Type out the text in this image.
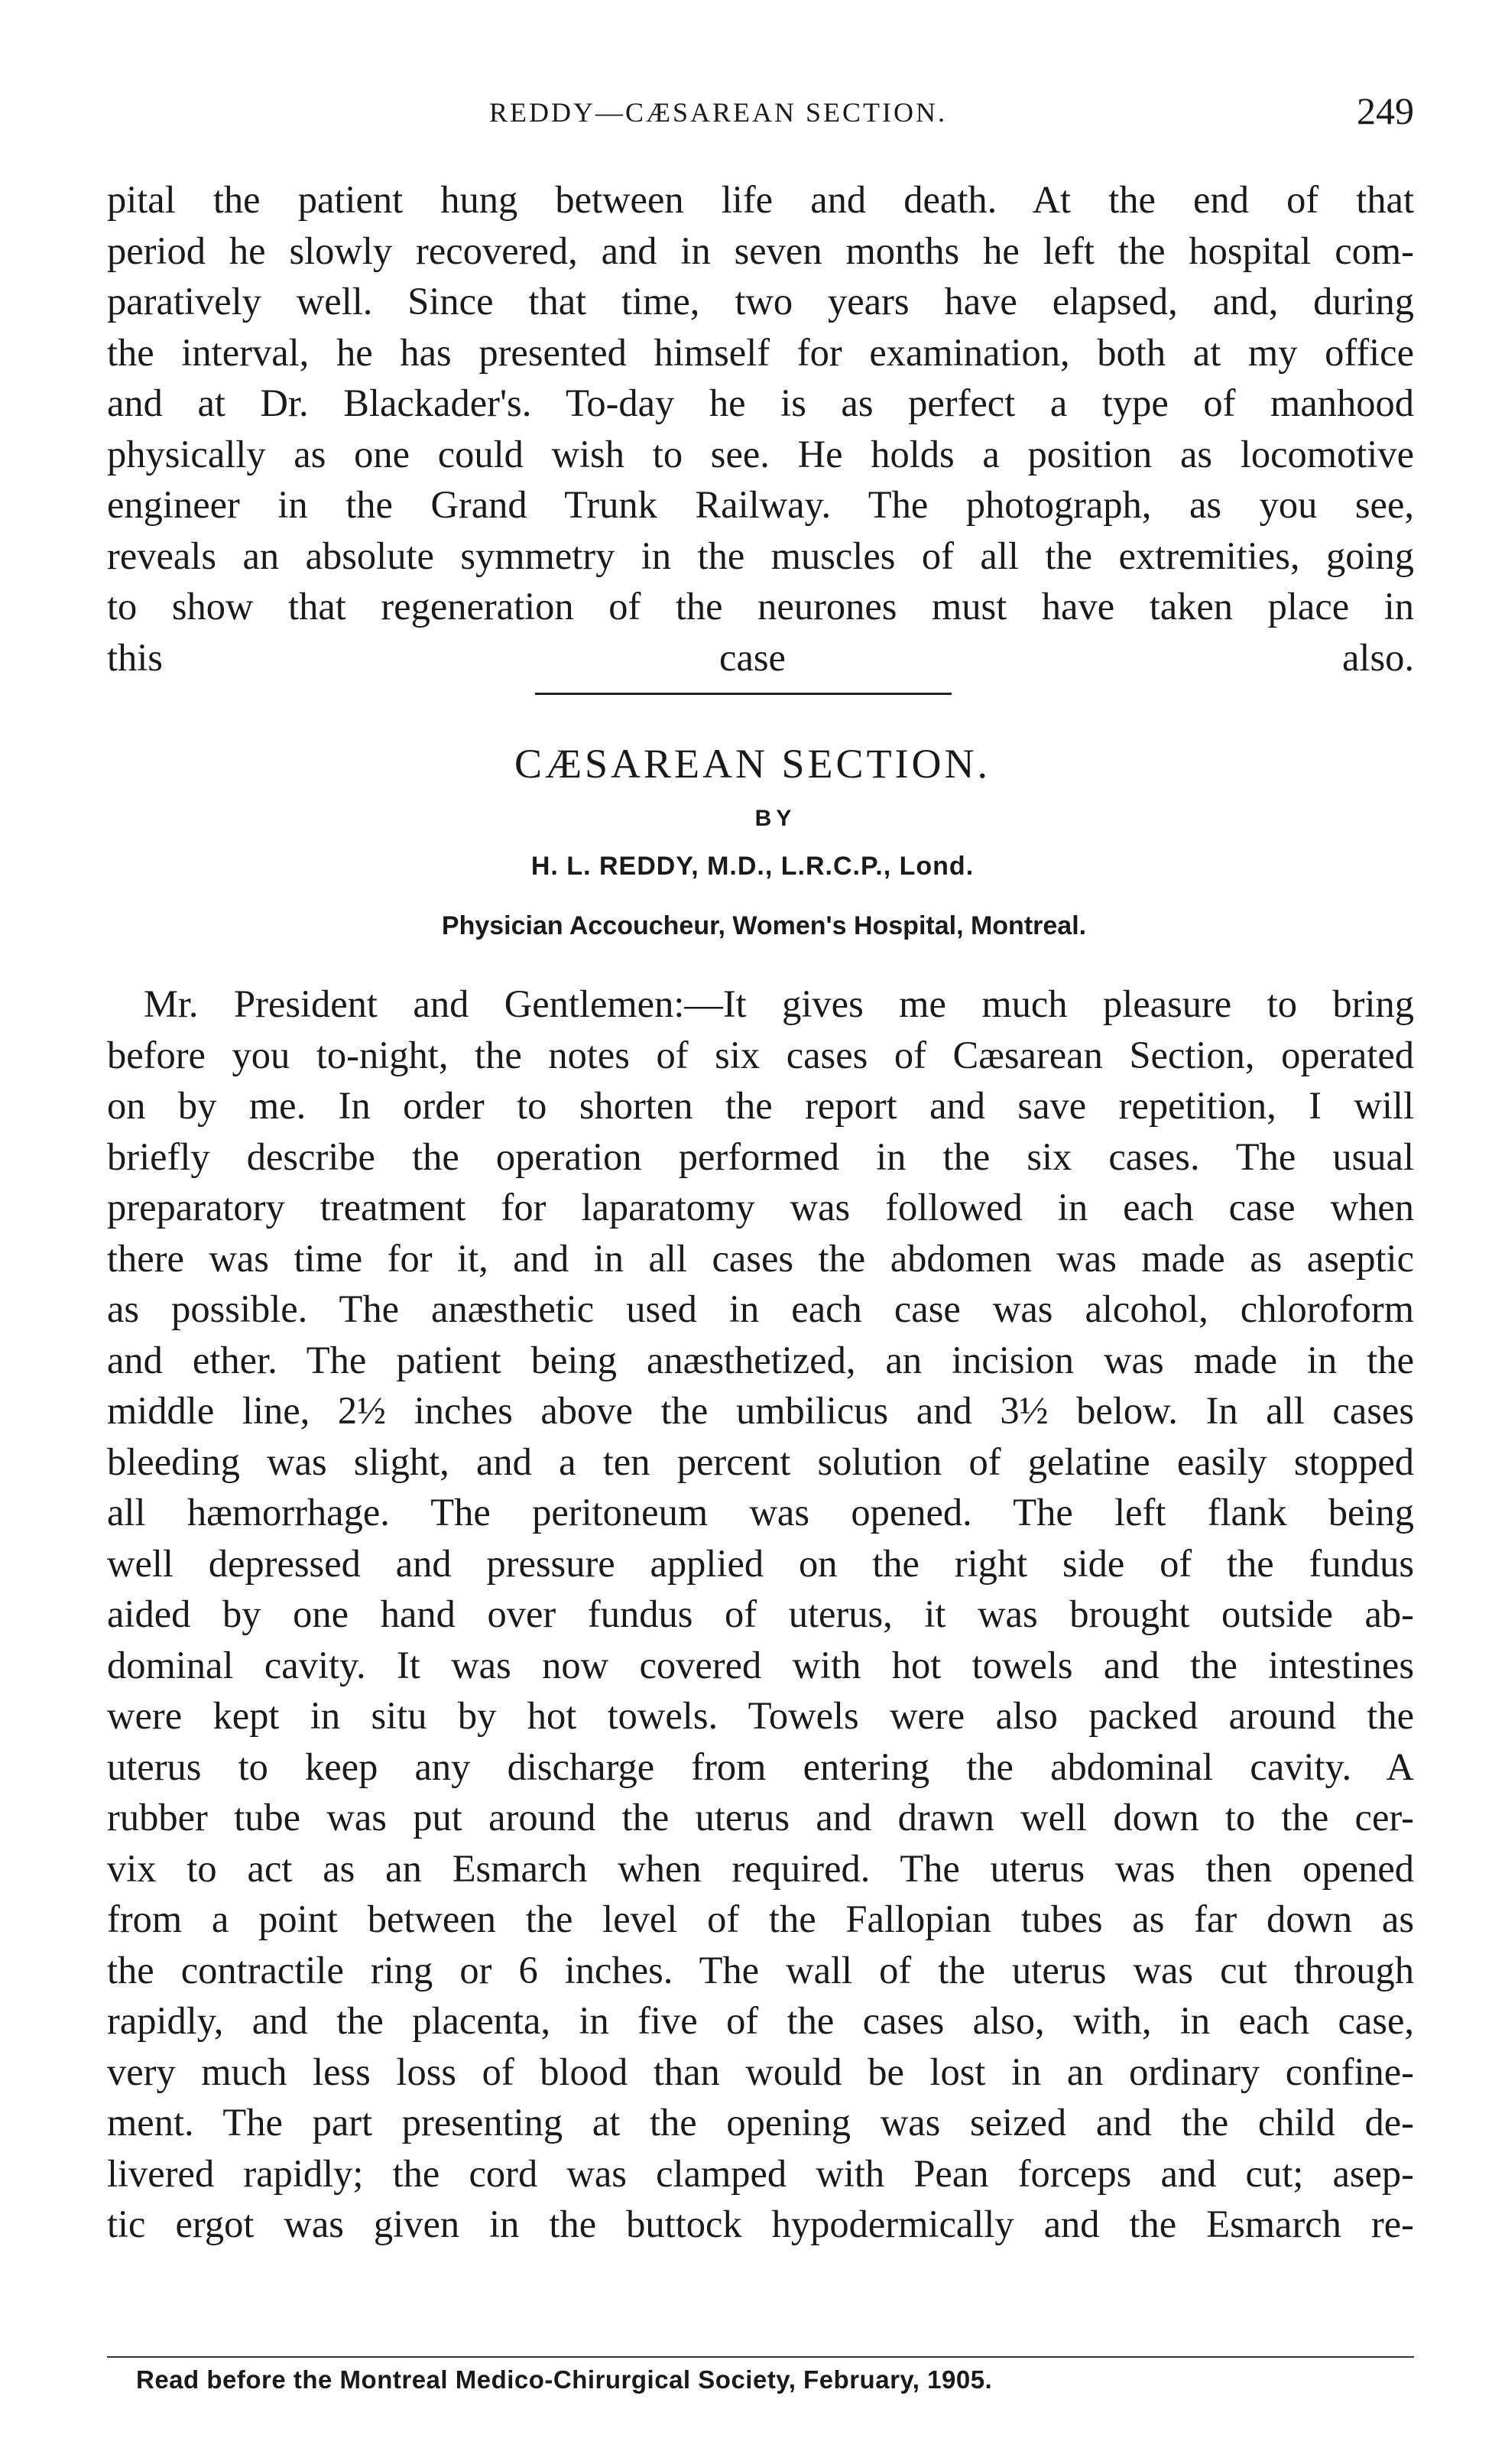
REDDY—CÆSAREAN SECTION.	249
pital the patient hung between life and death. At the end of that
period he slowly recovered, and in seven months he left the hospital com-
paratively well. Since that time, two years have elapsed, and, during
the interval, he has presented himself for examination, both at my office
and at Dr. Blackader's. To-day he is as perfect a type of manhood
physically as one could wish to see. He holds a position as locomotive
engineer in the Grand Trunk Railway. The photograph, as you see,
reveals an absolute symmetry in the muscles of all the extremities, going
to show that regeneration of the neurones must have taken place in
this case also.
CÆSAREAN SECTION.
BY
H. L. REDDY, M.D., L.R.C.P., Lond.
Physician Accoucheur, Women's Hospital, Montreal.
Mr. President and Gentlemen:—It gives me much pleasure to bring
before you to-night, the notes of six cases of Cæsarean Section, operated
on by me. In order to shorten the report and save repetition, I will
briefly describe the operation performed in the six cases. The usual
preparatory treatment for laparatomy was followed in each case when
there was time for it, and in all cases the abdomen was made as aseptic
as possible. The anæsthetic used in each case was alcohol, chloroform
and ether. The patient being anæsthetized, an incision was made in the
middle line, 2½ inches above the umbilicus and 3½ below. In all cases
bleeding was slight, and a ten percent solution of gelatine easily stopped
all hæmorrhage. The peritoneum was opened. The left flank being
well depressed and pressure applied on the right side of the fundus
aided by one hand over fundus of uterus, it was brought outside ab-
dominal cavity. It was now covered with hot towels and the intestines
were kept in situ by hot towels. Towels were also packed around the
uterus to keep any discharge from entering the abdominal cavity. A
rubber tube was put around the uterus and drawn well down to the cer-
vix to act as an Esmarch when required. The uterus was then opened
from a point between the level of the Fallopian tubes as far down as
the contractile ring or 6 inches. The wall of the uterus was cut through
rapidly, and the placenta, in five of the cases also, with, in each case,
very much less loss of blood than would be lost in an ordinary confine-
ment. The part presenting at the opening was seized and the child de-
livered rapidly; the cord was clamped with Pean forceps and cut; asep-
tic ergot was given in the buttock hypodermically and the Esmarch re-
Read before the Montreal Medico-Chirurgical Society, February, 1905.
